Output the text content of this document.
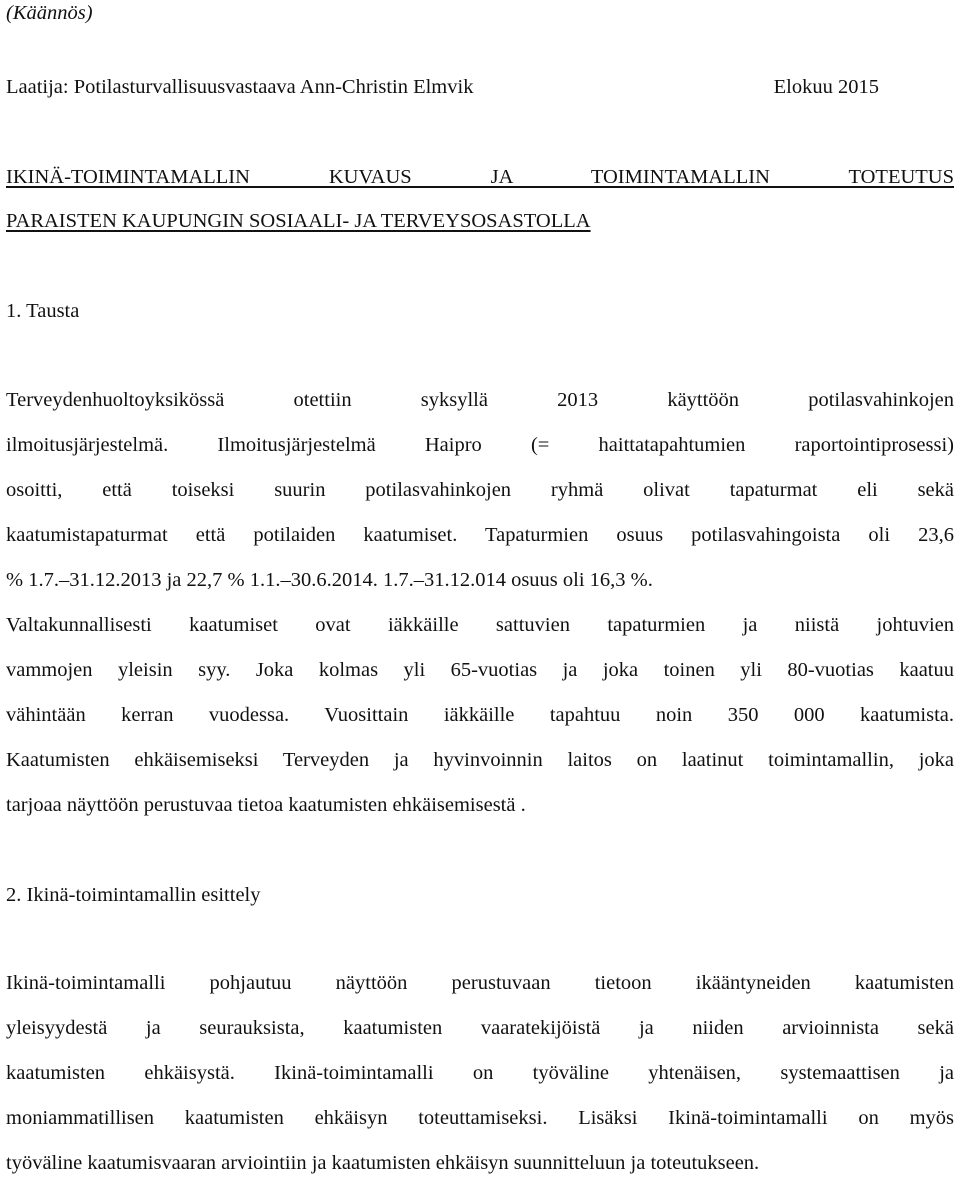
(Käännös)
Laatija: Potilasturvallisuusvastaava Ann-Christin Elmvik	Elokuu 2015
IKINÄ-TOIMINTAMALLIN KUVAUS JA TOIMINTAMALLIN TOTEUTUS
PARAISTEN KAUPUNGIN SOSIAALI- JA TERVEYSOSASTOLLA
1. Tausta
Terveydenhuoltoyksikössä otettiin syksyllä 2013 käyttöön potilasvahinkojen
ilmoitusjärjestelmä. Ilmoitusjärjestelmä Haipro (= haittatapahtumien raportointiprosessi)
osoitti, että toiseksi suurin potilasvahinkojen ryhmä olivat tapaturmat eli sekä
kaatumistapaturmat että potilaiden kaatumiset. Tapaturmien osuus potilasvahingoista oli 23,6
% 1.7.–31.12.2013 ja 22,7 % 1.1.–30.6.2014. 1.7.–31.12.014 osuus oli 16,3 %.
Valtakunnallisesti kaatumiset ovat iäkkäille sattuvien tapaturmien ja niistä johtuvien
vammojen yleisin syy. Joka kolmas yli 65-vuotias ja joka toinen yli 80-vuotias kaatuu
vähintään kerran vuodessa. Vuosittain iäkkäille tapahtuu noin 350 000 kaatumista.
Kaatumisten ehkäisemiseksi Terveyden ja hyvinvoinnin laitos on laatinut toimintamallin, joka
tarjoaa näyttöön perustuvaa tietoa kaatumisten ehkäisemisestä .
2. Ikinä-toimintamallin esittely
Ikinä-toimintamalli pohjautuu näyttöön perustuvaan tietoon ikääntyneiden kaatumisten
yleisyydestä ja seurauksista, kaatumisten vaaratekijöistä ja niiden arvioinnista sekä
kaatumisten ehkäisystä. Ikinä-toimintamalli on työväline yhtenäisen, systemaattisen ja
moniammatillisen kaatumisten ehkäisyn toteuttamiseksi. Lisäksi Ikinä-toimintamalli on myös
työväline kaatumisvaaran arviointiin ja kaatumisten ehkäisyn suunnitteluun ja toteutukseen.
